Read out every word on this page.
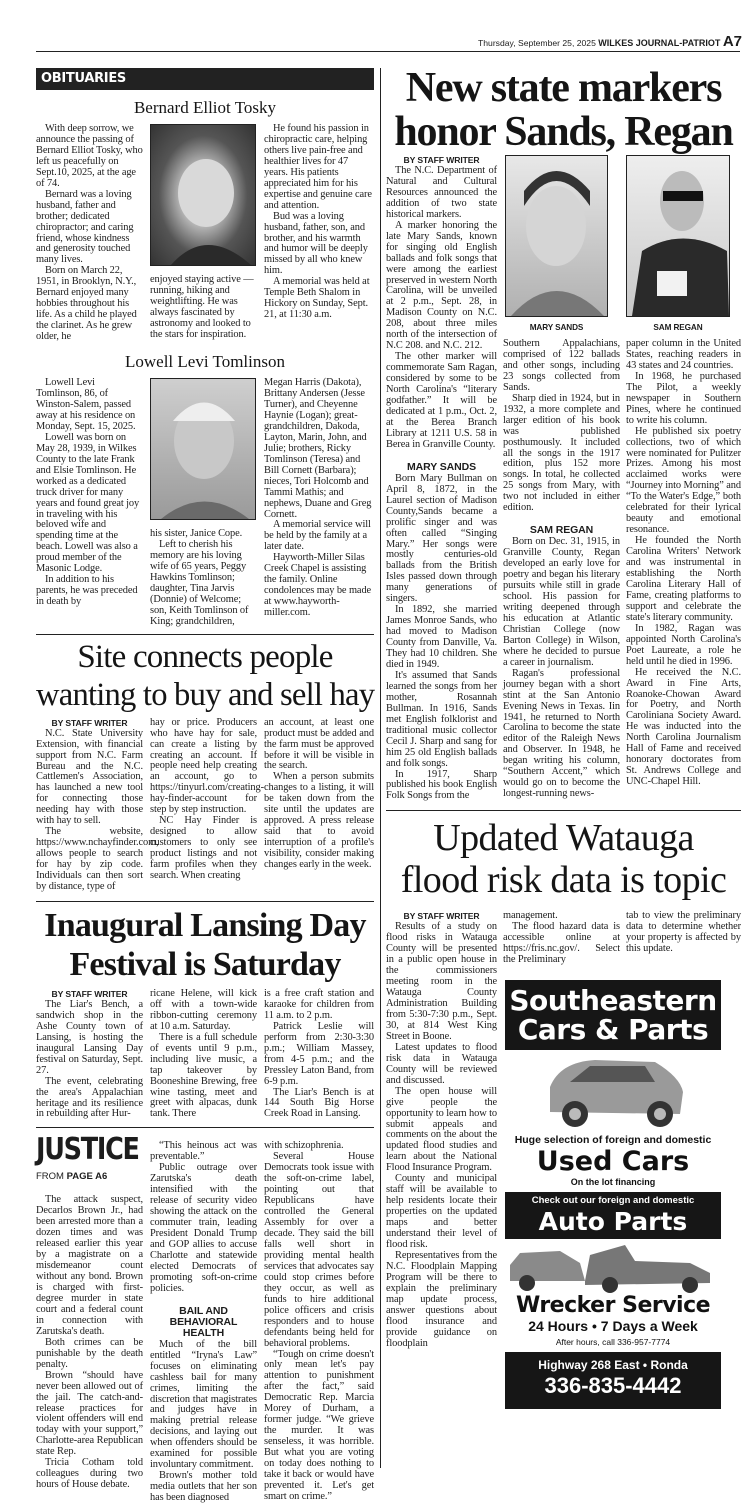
Thursday, September 25, 2025 WILKES JOURNAL-PATRIOT A7
OBITUARIES
Bernard Elliot Tosky

With deep sorrow, we announce the passing of Bernard Elliot Tosky, who left us peacefully on Sept.10, 2025, at the age of 74.

Bernard was a loving husband, father and brother; dedicated chiropractor; and caring friend, whose kindness and generosity touched many lives.

Born on March 22, 1951, in Brooklyn, N.Y., Bernard enjoyed many hobbies throughout his life. As a child he played the clarinet. As he grew older, he

enjoyed staying active — running, hiking and weightlifting. He was always fascinated by astronomy and looked to the stars for inspiration.

He found his passion in chiropractic care, helping others live pain-free and healthier lives for 47 years. His patients appreciated him for his expertise and genuine care and attention.

Bud was a loving husband, father, son, and brother, and his warmth and humor will be deeply missed by all who knew him.

A memorial was held at Temple Beth Shalom in Hickory on Sunday, Sept. 21, at 11:30 a.m.

Lowell Levi Tomlinson

Lowell Levi Tomlinson, 86, of Winston-Salem, passed away at his residence on Monday, Sept. 15, 2025.

Lowell was born on May 28, 1939, in Wilkes County to the late Frank and Elsie Tomlinson. He worked as a dedicated truck driver for many years and found great joy in traveling with his beloved wife and spending time at the beach. Lowell was also a proud member of the Masonic Lodge.

In addition to his parents, he was preceded in death by

his sister, Janice Cope.

Left to cherish his memory are his loving wife of 65 years, Peggy Hawkins Tomlinson; daughter, Tina Jarvis (Donnie) of Welcome; son, Keith Tomlinson of King; grandchildren,

Megan Harris (Dakota), Brittany Andersen (Jesse Turner), and Cheyenne Haynie (Logan); great-grandchildren, Dakoda, Layton, Marin, John, and Julie; brothers, Ricky Tomlinson (Teresa) and Bill Cornett (Barbara); nieces, Tori Holcomb and Tammi Mathis; and nephews, Duane and Greg Cornett.

A memorial service will be held by the family at a later date.

Hayworth-Miller Silas Creek Chapel is assisting the family. Online condolences may be made at www.hayworth-miller.com.

Site connects people
wanting to buy and sell hay
BY STAFF WRITER

N.C. State University Extension, with financial support from N.C. Farm Bureau and the N.C. Cattlemen's Association, has launched a new tool for connecting those needing hay with those with hay to sell.

The website, https://www.nchayfinder.com, allows people to search for hay by zip code. Individuals can then sort by distance, type of

hay or price. Producers who have hay for sale, can create a listing by creating an account. If people need help creating an account, go to https://tinyurl.com/creating-hay-finder-account for step by step instruction.

NC Hay Finder is designed to allow customers to only see product listings and not farm profiles when they search. When creating

an account, at least one product must be added and the farm must be approved before it will be visible in the search.

When a person submits changes to a listing, it will be taken down from the site until the updates are approved. A press release said that to avoid interruption of a profile's visibility, consider making changes early in the week.

Inaugural Lansing Day
Festival is Saturday
BY STAFF WRITER

The Liar's Bench, a sandwich shop in the Ashe County town of Lansing, is hosting the inaugural Lansing Day festival on Saturday, Sept. 27.

The event, celebrating the area's Appalachian heritage and its resilience in rebuilding after Hur-

ricane Helene, will kick off with a town-wide ribbon-cutting ceremony at 10 a.m. Saturday.

There is a full schedule of events until 9 p.m., including live music, a tap takeover by Booneshine Brewing, free wine tasting, meet and greet with alpacas, dunk tank. There

is a free craft station and karaoke for children from 11 a.m. to 2 p.m.

Patrick Leslie will perform from 2:30-3:30 p.m.; William Massey, from 4-5 p.m.; and the Pressley Laton Band, from 6-9 p.m.

The Liar's Bench is at 144 South Big Horse Creek Road in Lansing.

JUSTICE
FROM PAGE A6

The attack suspect, Decarlos Brown Jr., had been arrested more than a dozen times and was released earlier this year by a magistrate on a misdemeanor count without any bond. Brown is charged with first-degree murder in state court and a federal count in connection with Zarutska's death.

Both crimes can be punishable by the death penalty.

Brown “should have never been allowed out of the jail. The catch-and-release practices for violent offenders will end today with your support,” Charlotte-area Republican state Rep.

Tricia Cotham told colleagues during two hours of House debate.

“This heinous act was preventable.”

Public outrage over Zarutska's death intensified with the release of security video showing the attack on the commuter train, leading President Donald Trump and GOP allies to accuse Charlotte and statewide elected Democrats of promoting soft-on-crime policies.

BAIL AND BEHAVIORAL HEALTH

Much of the bill entitled “Iryna's Law” focuses on eliminating cashless bail for many crimes, limiting the discretion that magistrates and judges have in making pretrial release decisions, and laying out when offenders should be examined for possible involuntary commitment.

Brown's mother told media outlets that her son has been diagnosed

with schizophrenia.

Several House Democrats took issue with the soft-on-crime label, pointing out that Republicans have controlled the General Assembly for over a decade. They said the bill falls well short in providing mental health services that advocates say could stop crimes before they occur, as well as funds to hire additional police officers and crisis responders and to house defendants being held for behavioral problems.

“Tough on crime doesn't only mean let's pay attention to punishment after the fact,” said Democratic Rep. Marcia Morey of Durham, a former judge. “We grieve the murder. It was senseless, it was horrible. But what you are voting on today does nothing to take it back or would have prevented it. Let's get smart on crime.”

New state markers
honor Sands, Regan
BY STAFF WRITER

The N.C. Department of Natural and Cultural Resources announced the addition of two state historical markers.

A marker honoring the late Mary Sands, known for singing old English ballads and folk songs that were among the earliest preserved in western North Carolina, will be unveiled at 2 p.m., Sept. 28, in Madison County on N.C. 208, about three miles north of the intersection of N.C 208. and N.C. 212.

The other marker will commemorate Sam Ragan, considered by some to be North Carolina's “literary godfather.” It will be dedicated at 1 p.m., Oct. 2, at the Berea Branch Library at 1211 U.S. 58 in Berea in Granville County.

MARY SANDS

Born Mary Bullman on April 8, 1872, in the Laurel section of Madison County,Sands became a prolific singer and was often called “Singing Mary.” Her songs were mostly centuries-old ballads from the British Isles passed down through many generations of singers.

In 1892, she married James Monroe Sands, who had moved to Madison County from Danville, Va. They had 10 children. She died in 1949.

It's assumed that Sands learned the songs from her mother, Rosannah Bullman. In 1916, Sands met English folklorist and traditional music collector Cecil J. Sharp and sang for him 25 old English ballads and folk songs.

In 1917, Sharp published his book English Folk Songs from the

MARY SANDS

Southern Appalachians, comprised of 122 ballads and other songs, including 23 songs collected from Sands.

Sharp died in 1924, but in 1932, a more complete and larger edition of his book was published posthumously. It included all the songs in the 1917 edition, plus 152 more songs. In total, he collected 25 songs from Mary, with two not included in either edition.

SAM REGAN

Born on Dec. 31, 1915, in Granville County, Regan developed an early love for poetry and began his literary pursuits while still in grade school. His passion for writing deepened through his education at Atlantic Christian College (now Barton College) in Wilson, where he decided to pursue a career in journalism.

Ragan's professional journey began with a short stint at the San Antonio Evening News in Texas. Iin 1941, he returned to North Carolina to become the state editor of the Raleigh News and Observer. In 1948, he began writing his column, “Southern Accent,” which would go on to become the longest-running news-

SAM REGAN

paper column in the United States, reaching readers in 43 states and 24 countries.

In 1968, he purchased The Pilot, a weekly newspaper in Southern Pines, where he continued to write his column.

He published six poetry collections, two of which were nominated for Pulitzer Prizes. Among his most acclaimed works were “Journey into Morning” and “To the Water's Edge,” both celebrated for their lyrical beauty and emotional resonance.

He founded the North Carolina Writers' Network and was instrumental in establishing the North Carolina Literary Hall of Fame, creating platforms to support and celebrate the state's literary community.

In 1982, Ragan was appointed North Carolina's Poet Laureate, a role he held until he died in 1996.

He received the N.C. Award in Fine Arts, Roanoke-Chowan Award for Poetry, and North Caroliniana Society Award. He was inducted into the North Carolina Journalism Hall of Fame and received honorary doctorates from St. Andrews College and UNC-Chapel Hill.

Updated Watauga
flood risk data is topic
BY STAFF WRITER

Results of a study on flood risks in Watauga County will be presented in a public open house in the commissioners meeting room in the Watauga County Administration Building from 5:30-7:30 p.m., Sept. 30, at 814 West King Street in Boone.

Latest updates to flood risk data in Watauga County will be reviewed and discussed.

The open house will give people the opportunity to learn how to submit appeals and comments on the about the updated flood studies and learn about the National Flood Insurance Program.

County and municipal staff will be available to help residents locate their properties on the updated maps and better understand their level of flood risk.

Representatives from the N.C. Floodplain Mapping Program will be there to explain the preliminary map update process, answer questions about flood insurance and provide guidance on floodplain

management.

The flood hazard data is accessible online at https://fris.nc.gov/. Select the Preliminary

tab to view the preliminary data to determine whether your property is affected by this update.

Southeastern
Cars & Parts
Huge selection of foreign and domestic
Used Cars
On the lot financing
Check out our foreign and domestic
Auto Parts
Wrecker Service
24 Hours • 7 Days a Week
After hours, call 336-957-7774
Highway 268 East • Ronda
336-835-4442
